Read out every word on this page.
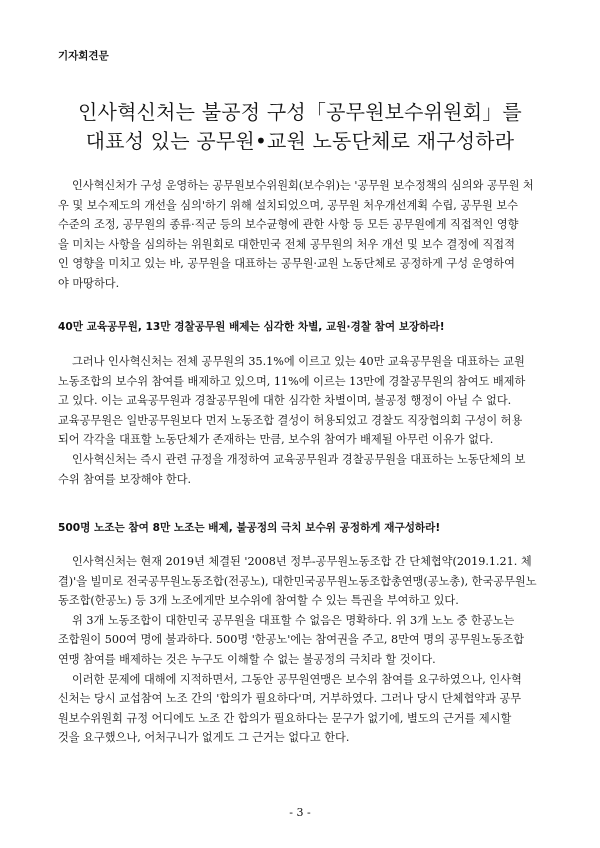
기자회견문
인사혁신처는 불공정 구성「공무원보수위원회」를
대표성 있는 공무원•교원 노동단체로 재구성하라
인사혁신처가 구성 운영하는 공무원보수위원회(보수위)는 '공무원 보수정책의 심의와 공무원 처
우 및 보수제도의 개선을 심의'하기 위해 설치되었으며, 공무원 처우개선계획 수립, 공무원 보수
수준의 조정, 공무원의 종류·직군 등의 보수균형에 관한 사항 등 모든 공무원에게 직접적인 영향
을 미치는 사항을 심의하는 위원회로 대한민국 전체 공무원의 처우 개선 및 보수 결정에 직접적
인 영향을 미치고 있는 바, 공무원을 대표하는 공무원·교원 노동단체로 공정하게 구성 운영하여
야 마땅하다.
40만 교육공무원, 13만 경찰공무원 배제는 심각한 차별, 교원·경찰 참여 보장하라!
그러나 인사혁신처는 전체 공무원의 35.1%에 이르고 있는 40만 교육공무원을 대표하는 교원
노동조합의 보수위 참여를 배제하고 있으며, 11%에 이르는 13만에 경찰공무원의 참여도 배제하
고 있다. 이는 교육공무원과 경찰공무원에 대한 심각한 차별이며, 불공정 행정이 아닐 수 없다.
교육공무원은 일반공무원보다 먼저 노동조합 결성이 허용되었고 경찰도 직장협의회 구성이 허용
되어 각각을 대표할 노동단체가 존재하는 만큼, 보수위 참여가 배제될 아무런 이유가 없다.
인사혁신처는 즉시 관련 규정을 개정하여 교육공무원과 경찰공무원을 대표하는 노동단체의 보
수위 참여를 보장해야 한다.
500명 노조는 참여 8만 노조는 배제, 불공정의 극치 보수위 공정하게 재구성하라!
인사혁신처는 현재 2019년 체결된 '2008년 정부-공무원노동조합 간 단체협약(2019.1.21. 체
결)'을 빌미로 전국공무원노동조합(전공노), 대한민국공무원노동조합총연맹(공노총), 한국공무원노
동조합(한공노) 등 3개 노조에게만 보수위에 참여할 수 있는 특권을 부여하고 있다.
위 3개 노동조합이 대한민국 공무원을 대표할 수 없음은 명확하다. 위 3개 노노 중 한공노는
조합원이 500여 명에 불과하다. 500명 '한공노'에는 참여권을 주고, 8만여 명의 공무원노동조합
연맹 참여를 배제하는 것은 누구도 이해할 수 없는 불공정의 극치라 할 것이다.
이러한 문제에 대해에 지적하면서, 그동안 공무원연맹은 보수위 참여를 요구하였으나, 인사혁
신처는 당시 교섭참여 노조 간의 '합의가 필요하다'며, 거부하였다. 그러나 당시 단체협약과 공무
원보수위원회 규정 어디에도 노조 간 합의가 필요하다는 문구가 없기에, 별도의 근거를 제시할
것을 요구했으나, 어처구니가 없게도 그 근거는 없다고 한다.
- 3 -
